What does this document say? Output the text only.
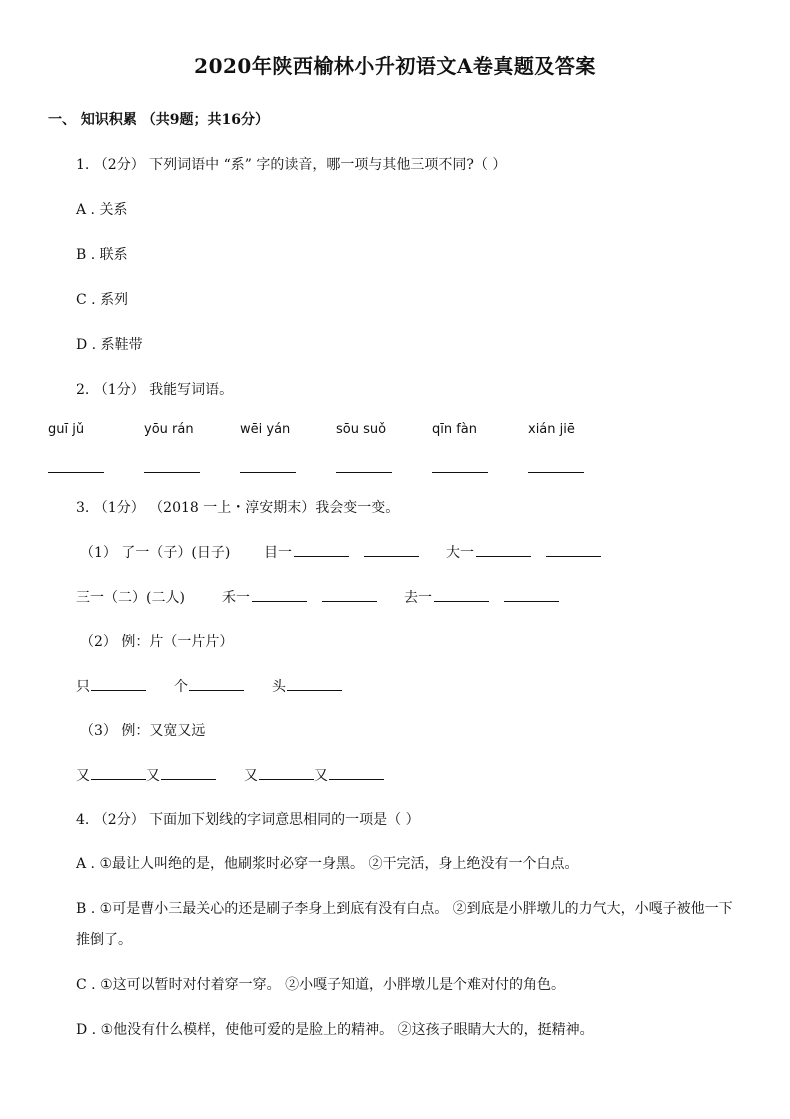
2020年陕西榆林小升初语文A卷真题及答案
一、 知识积累 （共9题；共16分）
1. （2分） 下列词语中 “系” 字的读音，哪一项与其他三项不同?（ ）
A . 关系
B . 联系
C . 系列
D . 系鞋带
2. （1分） 我能写词语。
guī jǔ	yōu rán	wēi yán	sōu suǒ	qīn fàn	xián jiē
3. （1分） （2018 一上・淳安期末）我会变一变。
（1） 了一（子）(日子) 目一	大一
三一（二）(二人)	禾一	去一
（2） 例：片（一片片）
只	个	头
（3） 例：又宽又远
又	又	又	又
4. （2分） 下面加下划线的字词意思相同的一项是（ ）
A . ①最让人叫绝的是，他刷浆时必穿一身黑。 ②干完活，身上绝没有一个白点。
B . ①可是曹小三最关心的还是刷子李身上到底有没有白点。 ②到底是小胖墩儿的力气大，小嘎子被他一下
推倒了。
C . ①这可以暂时对付着穿一穿。 ②小嘎子知道，小胖墩儿是个难对付的角色。
D . ①他没有什么模样，使他可爱的是脸上的精神。 ②这孩子眼睛大大的，挺精神。
